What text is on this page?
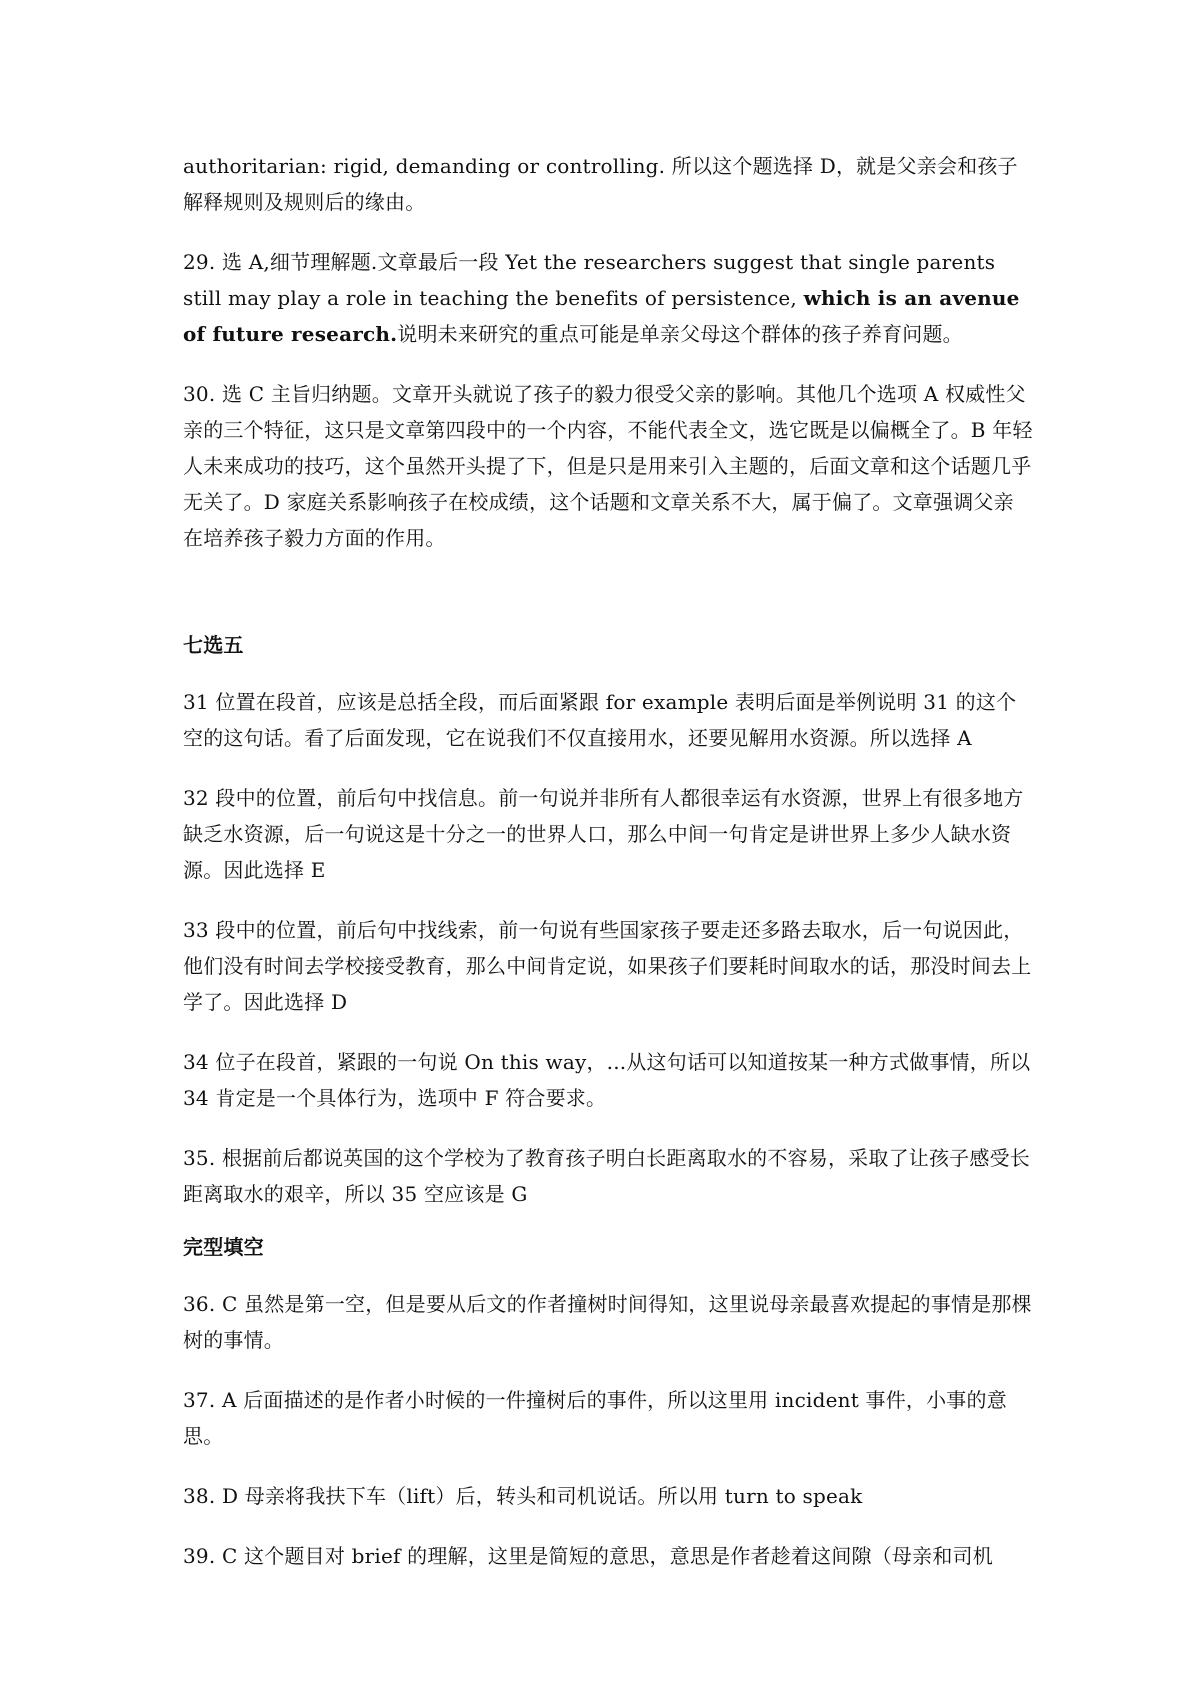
authoritarian: rigid, demanding or controlling. 所以这个题选择 D，就是父亲会和孩子解释规则及规则后的缘由。

29. 选 A,细节理解题.文章最后一段 Yet the researchers suggest that single parents still may play a role in teaching the benefits of persistence, which is an avenue of future research.说明未来研究的重点可能是单亲父母这个群体的孩子养育问题。

30. 选 C 主旨归纳题。文章开头就说了孩子的毅力很受父亲的影响。其他几个选项 A 权威性父亲的三个特征，这只是文章第四段中的一个内容，不能代表全文，选它既是以偏概全了。B 年轻人未来成功的技巧，这个虽然开头提了下，但是只是用来引入主题的，后面文章和这个话题几乎无关了。D 家庭关系影响孩子在校成绩，这个话题和文章关系不大，属于偏了。文章强调父亲在培养孩子毅力方面的作用。

七选五

31 位置在段首，应该是总括全段，而后面紧跟 for example 表明后面是举例说明 31 的这个空的这句话。看了后面发现，它在说我们不仅直接用水，还要见解用水资源。所以选择 A

32 段中的位置，前后句中找信息。前一句说并非所有人都很幸运有水资源，世界上有很多地方缺乏水资源，后一句说这是十分之一的世界人口，那么中间一句肯定是讲世界上多少人缺水资源。因此选择 E

33 段中的位置，前后句中找线索，前一句说有些国家孩子要走还多路去取水，后一句说因此，他们没有时间去学校接受教育，那么中间肯定说，如果孩子们要耗时间取水的话，那没时间去上学了。因此选择 D

34 位子在段首，紧跟的一句说 On this way，...从这句话可以知道按某一种方式做事情，所以 34 肯定是一个具体行为，选项中 F 符合要求。

35. 根据前后都说英国的这个学校为了教育孩子明白长距离取水的不容易，采取了让孩子感受长距离取水的艰辛，所以 35 空应该是 G

完型填空

36. C 虽然是第一空，但是要从后文的作者撞树时间得知，这里说母亲最喜欢提起的事情是那棵树的事情。

37. A 后面描述的是作者小时候的一件撞树后的事件，所以这里用 incident 事件，小事的意思。

38. D 母亲将我扶下车（lift）后，转头和司机说话。所以用 turn to speak

39. C 这个题目对 brief 的理解，这里是简短的意思，意思是作者趁着这间隙（母亲和司机
